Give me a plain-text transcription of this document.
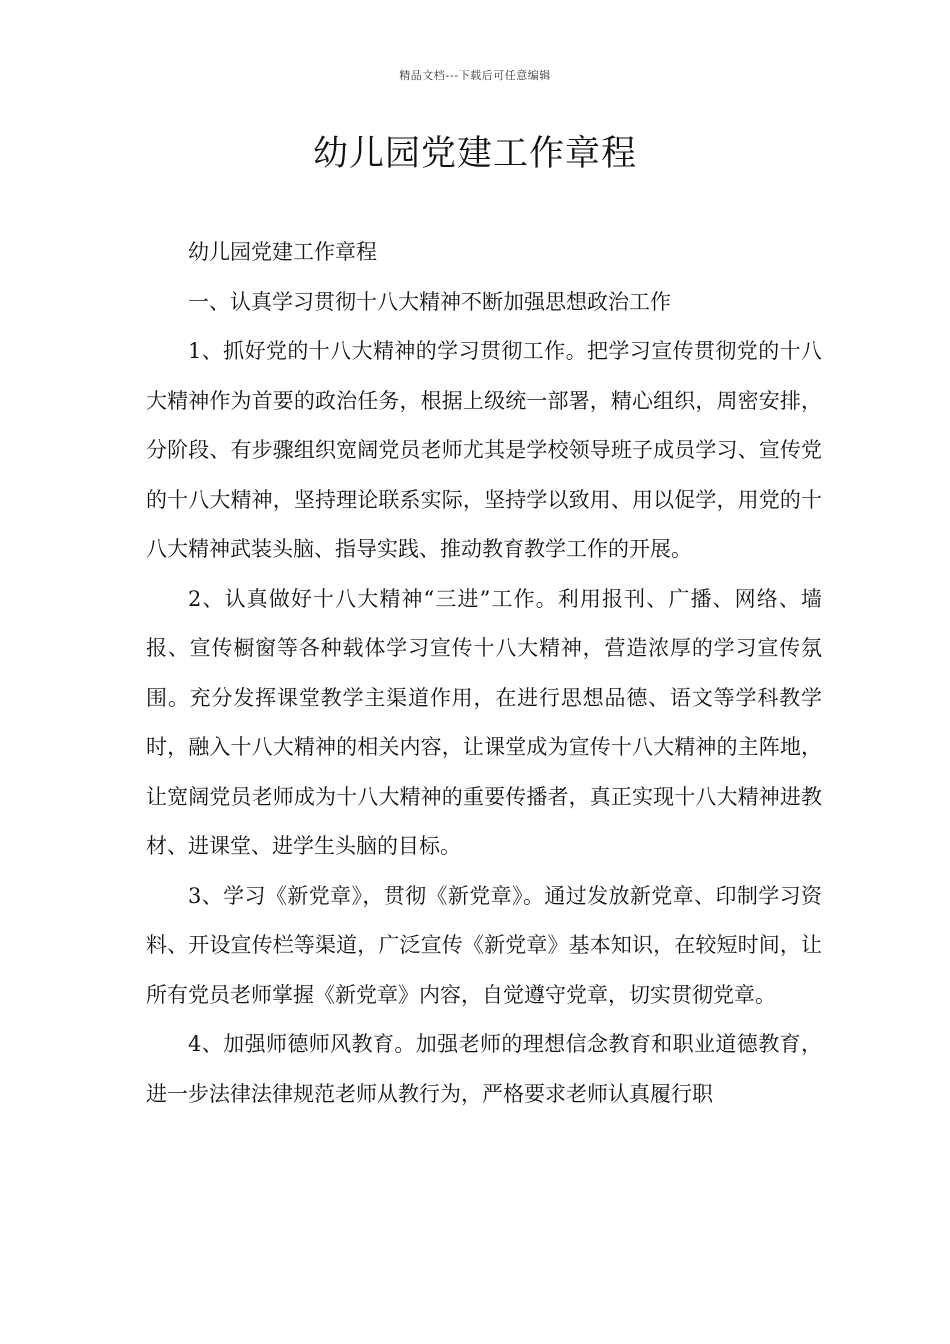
精品文档---下载后可任意编辑
幼儿园党建工作章程

幼儿园党建工作章程

一、认真学习贯彻十八大精神不断加强思想政治工作

1、抓好党的十八大精神的学习贯彻工作。把学习宣传贯彻党的十八大精神作为首要的政治任务，根据上级统一部署，精心组织，周密安排，分阶段、有步骤组织宽阔党员老师尤其是学校领导班子成员学习、宣传党的十八大精神，坚持理论联系实际，坚持学以致用、用以促学，用党的十八大精神武装头脑、指导实践、推动教育教学工作的开展。

2、认真做好十八大精神“三进”工作。利用报刊、广播、网络、墙报、宣传橱窗等各种载体学习宣传十八大精神，营造浓厚的学习宣传氛围。充分发挥课堂教学主渠道作用，在进行思想品德、语文等学科教学时，融入十八大精神的相关内容，让课堂成为宣传十八大精神的主阵地，让宽阔党员老师成为十八大精神的重要传播者，真正实现十八大精神进教材、进课堂、进学生头脑的目标。

3、学习《新党章》，贯彻《新党章》。通过发放新党章、印制学习资料、开设宣传栏等渠道，广泛宣传《新党章》基本知识，在较短时间，让所有党员老师掌握《新党章》内容，自觉遵守党章，切实贯彻党章。

4、加强师德师风教育。加强老师的理想信念教育和职业道德教育，进一步法律法律规范老师从教行为，严格要求老师认真履行职
